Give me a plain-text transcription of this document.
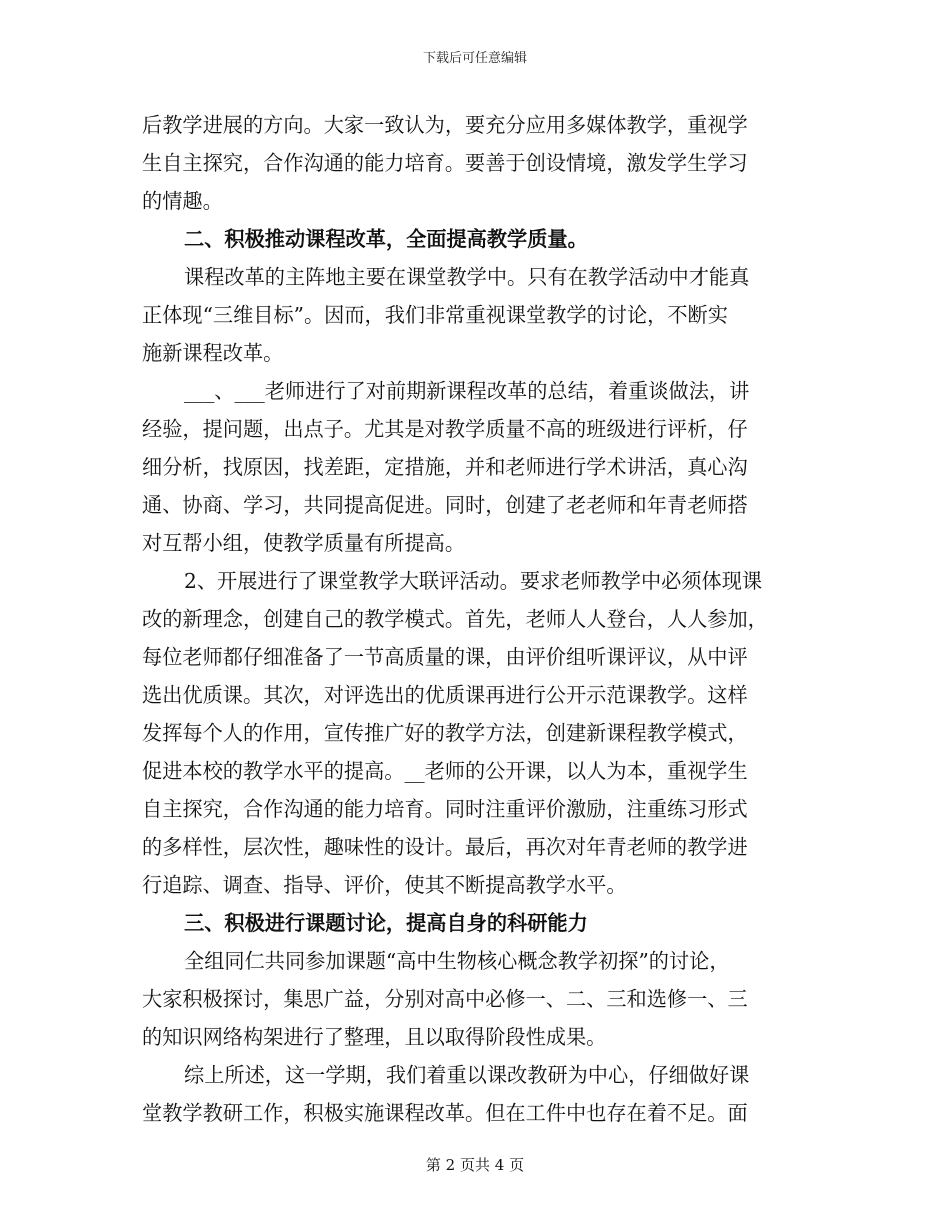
下载后可任意编辑
后教学进展的方向。大家一致认为，要充分应用多媒体教学，重视学
生自主探究，合作沟通的能力培育。要善于创设情境，激发学生学习
的情趣。
二、积极推动课程改革，全面提高教学质量。
课程改革的主阵地主要在课堂教学中。只有在教学活动中才能真
正体现“三维目标”。因而，我们非常重视课堂教学的讨论，不断实
施新课程改革。
___、___老师进行了对前期新课程改革的总结，着重谈做法，讲
经验，提问题，出点子。尤其是对教学质量不高的班级进行评析，仔
细分析，找原因，找差距，定措施，并和老师进行学术讲活，真心沟
通、协商、学习，共同提高促进。同时，创建了老老师和年青老师搭
对互帮小组，使教学质量有所提高。
2、开展进行了课堂教学大联评活动。要求老师教学中必须体现课
改的新理念，创建自己的教学模式。首先，老师人人登台，人人参加，
每位老师都仔细准备了一节高质量的课，由评价组听课评议，从中评
选出优质课。其次，对评选出的优质课再进行公开示范课教学。这样
发挥每个人的作用，宣传推广好的教学方法，创建新课程教学模式，
促进本校的教学水平的提高。__老师的公开课，以人为本，重视学生
自主探究，合作沟通的能力培育。同时注重评价激励，注重练习形式
的多样性，层次性，趣味性的设计。最后，再次对年青老师的教学进
行追踪、调查、指导、评价，使其不断提高教学水平。
三、积极进行课题讨论，提高自身的科研能力
全组同仁共同参加课题“高中生物核心概念教学初探”的讨论，
大家积极探讨，集思广益，分别对高中必修一、二、三和选修一、三
的知识网络构架进行了整理，且以取得阶段性成果。
综上所述，这一学期，我们着重以课改教研为中心，仔细做好课
堂教学教研工作，积极实施课程改革。但在工件中也存在着不足。面
第 2 页共 4 页
